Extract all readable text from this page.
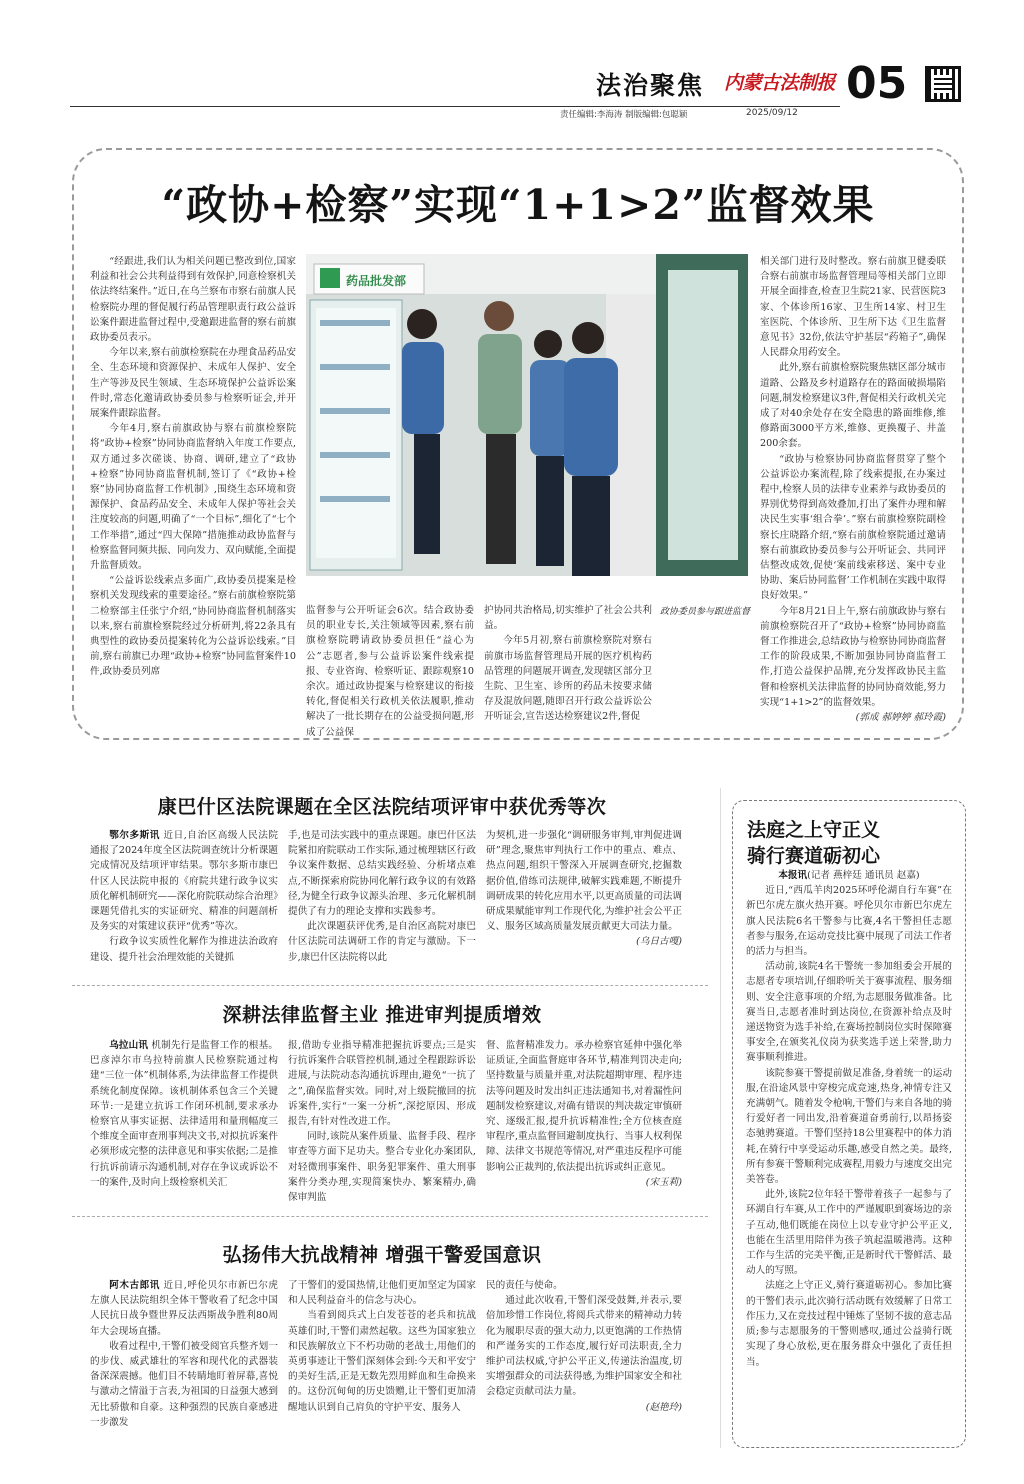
法治聚焦 内蒙古法制报 05
责任编辑:李海涛 制版编辑:包聪颖	2025/09/12
“政协+检察”实现“1+1>2”监督效果

“经跟进,我们认为相关问题已整改到位,国家利益和社会公共利益得到有效保护,同意检察机关依法终结案件。”近日,在乌兰察布市察右前旗人民检察院办理的督促履行药品管理职责行政公益诉讼案件跟进监督过程中,受邀跟进监督的察右前旗政协委员表示。

今年以来,察右前旗检察院在办理食品药品安全、生态环境和资源保护、未成年人保护、安全生产等涉及民生领域、生态环境保护公益诉讼案件时,常态化邀请政协委员参与检察听证会,并开展案件跟踪监督。

今年4月,察右前旗政协与察右前旗检察院将“政协+检察”协同协商监督纳入年度工作要点,双方通过多次磋谈、协商、调研,建立了“政协+检察”协同协商监督机制,签订了《“政协+检察”协同协商监督工作机制》,围绕生态环境和资源保护、食品药品安全、未成年人保护等社会关注度较高的问题,明确了“一个目标”,细化了“七个工作举措”,通过“四大保障”措施推动政协监督与检察监督同频共振、同向发力、双向赋能,全面提升监督质效。

“公益诉讼线索点多面广,政协委员提案是检察机关发现线索的重要途径。”察右前旗检察院第二检察部主任张宁介绍,“协同协商监督机制落实以来,察右前旗检察院经过分析研判,将22条具有典型性的政协委员提案转化为公益诉讼线索。”目前,察右前旗已办理“政协+检察”协同监督案件10件,政协委员列席

药品批发部
政协委员参与跟进监督

监督参与公开听证会6次。结合政协委员的职业专长,关注领域等因素,察右前旗检察院聘请政协委员担任“益心为公”志愿者,参与公益诉讼案件线索提报、专业咨询、检察听证、跟踪观察10余次。通过政协提案与检察建议的衔接转化,督促相关行政机关依法履职,推动解决了一批长期存在的公益受损问题,形成了公益保

护协同共治格局,切实维护了社会公共利益。

今年5月初,察右前旗检察院对察右前旗市场监督管理局开展的医疗机构药品管理的问题展开调查,发现辖区部分卫生院、卫生室、诊所的药品未按要求储存及混放问题,随即召开行政公益诉讼公开听证会,宣告送达检察建议2件,督促

相关部门进行及时整改。察右前旗卫健委联合察右前旗市场监督管理局等相关部门立即开展全面排查,检查卫生院21家、民营医院3家、个体诊所16家、卫生所14家、村卫生室医院、个体诊所、卫生所下达《卫生监督意见书》32份,依法守护基层“药箱子”,确保人民群众用药安全。

此外,察右前旗检察院聚焦辖区部分城市道路、公路及乡村道路存在的路面破损塌陷问题,制发检察建议3件,督促相关行政机关完成了对40余处存在安全隐患的路面维修,维修路面3000平方米,维修、更换覆子、井盖200余套。

“政协与检察协同协商监督贯穿了整个公益诉讼办案流程,除了线索提报,在办案过程中,检察人员的法律专业素养与政协委员的界别优势得到高效叠加,打出了案件办理和解决民生实事‘组合拳’。”察右前旗检察院副检察长庄晓路介绍,“察右前旗检察院通过邀请察右前旗政协委员参与公开听证会、共同评估整改成效,促使‘案前线索移送、案中专业协助、案后协同监督’工作机制在实践中取得良好效果。”

今年8月21日上午,察右前旗政协与察右前旗检察院召开了“政协+检察”协同协商监督工作推进会,总结政协与检察协同协商监督工作的阶段成果,不断加强协同协商监督工作,打造公益保护品牌,充分发挥政协民主监督和检察机关法律监督的协同协商效能,努力实现“1+1>2”的监督效果。

(郭成 郝婷婷 郝玲霞)

康巴什区法院课题在全区法院结项评审中获优秀等次

鄂尔多斯讯 近日,自治区高级人民法院通报了2024年度全区法院调查统计分析课题完成情况及结项评审结果。鄂尔多斯市康巴什区人民法院申报的《府院共建行政争议实质化解机制研究——深化府院联动综合治理》课题凭借扎实的实证研究、精准的问题剖析及务实的对策建议获评“优秀”等次。

行政争议实质性化解作为推进法治政府建设、提升社会治理效能的关键抓

手,也是司法实践中的重点课题。康巴什区法院紧扣府院联动工作实际,通过梳理辖区行政争议案件数据、总结实践经验、分析堵点难点,不断探索府院协同化解行政争议的有效路径,为健全行政争议源头治理、多元化解机制提供了有力的理论支撑和实践参考。

此次课题获评优秀,是自治区高院对康巴什区法院司法调研工作的肯定与激励。下一步,康巴什区法院将以此

为契机,进一步强化“调研服务审判,审判促进调研”理念,聚焦审判执行工作中的重点、难点、热点问题,组织干警深入开展调查研究,挖掘数据价值,借练司法规律,破解实践难题,不断提升调研成果的转化应用水平,以更高质量的司法调研成果赋能审判工作现代化,为维护社会公平正义、服务区域高质量发展贡献更大司法力量。

(乌日古嘎)

深耕法律监督主业 推进审判提质增效

乌拉山讯 机制先行是监督工作的根基。巴彦淖尔市乌拉特前旗人民检察院通过构建“三位一体”机制体系,为法律监督工作提供系统化制度保障。该机制体系包含三个关键环节:一是建立抗诉工作闭环机制,要求承办检察官从事实证据、法律适用和量刑幅度三个维度全面审查刑事判决文书,对拟抗诉案件必须形成完整的法律意见和事实依据;二是推行抗诉前请示沟通机制,对存在争议或诉讼不一的案件,及时向上级检察机关汇

报,借助专业指导精准把握抗诉要点;三是实行抗诉案件合联管控机制,通过全程跟踪诉讼进展,与法院动态沟通抗诉理由,避免“一抗了之”,确保监督实效。同时,对上级院撤回的抗诉案件,实行“一案一分析”,深挖原因、形成报告,有针对性改进工作。

同时,该院从案件质量、监督手段、程序审查等方面下足功夫。整合专业化办案团队,对轻微刑事案件、职务犯罪案件、重大刑事案件分类办理,实现简案快办、繁案精办,确保审判监

督、监督精准发力。承办检察官延伸中强化举证质证,全面监督庭审各环节,精准判罚决走向;坚持数量与质量并重,对法院超期审理、程序违法等问题及时发出纠正违法通知书,对着漏性问题制发检察建议,对确有错误的判决裁定审慎研究、逐级汇报,提升抗诉精准性;全方位核查庭审程序,重点监督回避制度执行、当事人权利保障、法律文书规范等情况,对严重违反程序可能影响公正裁判的,依法提出抗诉或纠正意见。

(宋玉莉)

弘扬伟大抗战精神 增强干警爱国意识

阿木古郎讯 近日,呼伦贝尔市新巴尔虎左旗人民法院组织全体干警收看了纪念中国人民抗日战争暨世界反法西斯战争胜利80周年大会现场直播。

收看过程中,干警们被受阅官兵整齐划一的步伐、威武雄壮的军容和现代化的武器装备深深震撼。他们目不转睛地盯着屏幕,喜悦与激动之情溢于言表,为祖国的日益强大感到无比骄傲和自豪。这种强烈的民族自豪感进一步激发

了干警们的爱国热情,让他们更加坚定为国家和人民利益奋斗的信念与决心。

当看到阅兵式上白发苍苍的老兵和抗战英雄们时,干警们肃然起敬。这些为国家独立和民族解放立下不朽功勋的老战士,用他们的英勇事迹让干警们深刻体会到:今天和平安宁的美好生活,正是无数先烈用鲜血和生命换来的。这份沉甸甸的历史馈赠,让干警们更加清醒地认识到自己肩负的守护平安、服务人

民的责任与使命。

通过此次收看,干警们深受鼓舞,并表示,要倍加珍惜工作岗位,将阅兵式带来的精神动力转化为履职尽责的强大动力,以更饱满的工作热情和严谨务实的工作态度,履行好司法职责,全力维护司法权威,守护公平正义,传递法治温度,切实增强群众的司法获得感,为维护国家安全和社会稳定贡献司法力量。

(赵艳玲)

法庭之上守正义
骑行赛道砺初心

本报讯(记者 燕梓廷 通讯员 赵嘉)

近日,“西瓜羊肉2025环呼伦湖自行车赛”在新巴尔虎左旗火热开赛。呼伦贝尔市新巴尔虎左旗人民法院6名干警参与比赛,4名干警担任志愿者参与服务,在运动竞技比赛中展现了司法工作者的活力与担当。

活动前,该院4名干警统一参加组委会开展的志愿者专项培训,仔细聆听关于赛事流程、服务细则、安全注意事项的介绍,为志愿服务做准备。比赛当日,志愿者准时到达岗位,在资源补给点及时递送物资为选手补给,在赛场控制岗位实时保障赛事安全,在颁奖礼仪岗为获奖选手送上荣誉,助力赛事顺利推进。

该院参赛干警提前做足准备,身着统一的运动服,在沿途风景中穿梭完成竞速,热身,神情专注又充满朝气。随着发令枪响,干警们与来自各地的骑行爱好者一同出发,沿着赛道奋勇前行,以昂扬姿态驰骋赛道。干警们坚持18公里赛程中的体力消耗,在骑行中享受运动乐趣,感受自然之美。最终,所有参赛干警顺利完成赛程,用毅力与速度交出完美答卷。

此外,该院2位年轻干警带着孩子一起参与了环湖自行车赛,从工作中的严谨履职到赛场边的亲子互动,他们既能在岗位上以专业守护公平正义,也能在生活里用陪伴为孩子筑起温暖港湾。这种工作与生活的完美平衡,正是新时代干警鲜活、最动人的写照。

法庭之上守正义,骑行赛道砺初心。参加比赛的干警们表示,此次骑行活动既有效缓解了日常工作压力,又在竞技过程中锤炼了坚韧不拔的意志品质;参与志愿服务的干警则感叹,通过公益骑行既实现了身心放松,更在服务群众中强化了责任担当。
